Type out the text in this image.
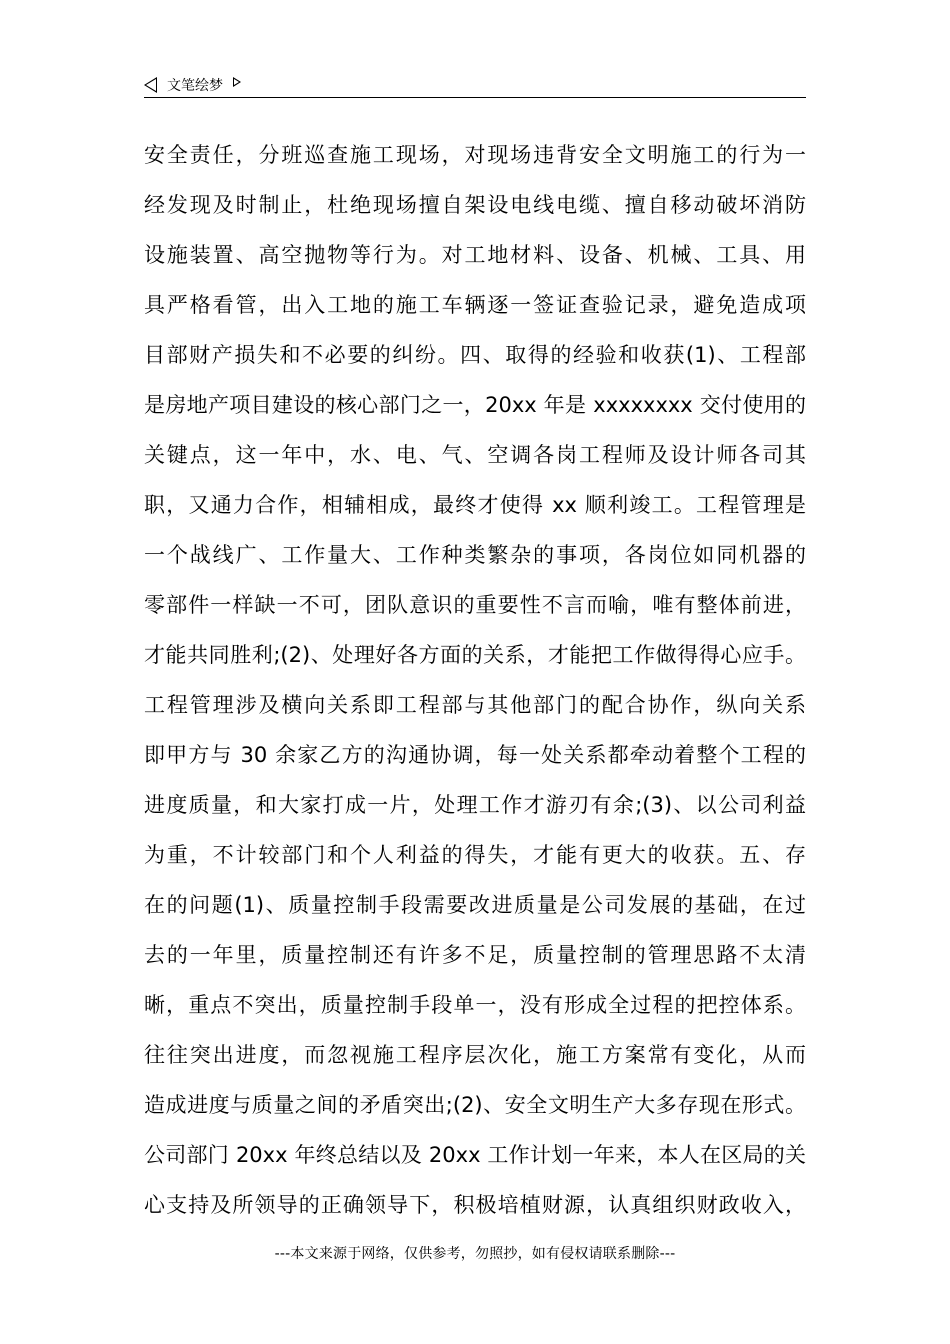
文笔绘梦
安全责任，分班巡查施工现场，对现场违背安全文明施工的行为一
经发现及时制止，杜绝现场擅自架设电线电缆、擅自移动破坏消防
设施装置、高空抛物等行为。对工地材料、设备、机械、工具、用
具严格看管，出入工地的施工车辆逐一签证查验记录，避免造成项
目部财产损失和不必要的纠纷。四、取得的经验和收获(1)、工程部
是房地产项目建设的核心部门之一，20xx 年是 xxxxxxxx 交付使用的
关键点，这一年中，水、电、气、空调各岗工程师及设计师各司其
职，又通力合作，相辅相成，最终才使得 xx 顺利竣工。工程管理是
一个战线广、工作量大、工作种类繁杂的事项，各岗位如同机器的
零部件一样缺一不可，团队意识的重要性不言而喻，唯有整体前进，
才能共同胜利;(2)、处理好各方面的关系，才能把工作做得得心应手。
工程管理涉及横向关系即工程部与其他部门的配合协作，纵向关系
即甲方与 30 余家乙方的沟通协调，每一处关系都牵动着整个工程的
进度质量，和大家打成一片，处理工作才游刃有余;(3)、以公司利益
为重，不计较部门和个人利益的得失，才能有更大的收获。五、存
在的问题(1)、质量控制手段需要改进质量是公司发展的基础，在过
去的一年里，质量控制还有许多不足，质量控制的管理思路不太清
晰，重点不突出，质量控制手段单一，没有形成全过程的把控体系。
往往突出进度，而忽视施工程序层次化，施工方案常有变化，从而
造成进度与质量之间的矛盾突出;(2)、安全文明生产大多存现在形式。
公司部门 20xx 年终总结以及 20xx 工作计划一年来，本人在区局的关
心支持及所领导的正确领导下，积极培植财源，认真组织财政收入，
---本文来源于网络，仅供参考，勿照抄，如有侵权请联系删除---
